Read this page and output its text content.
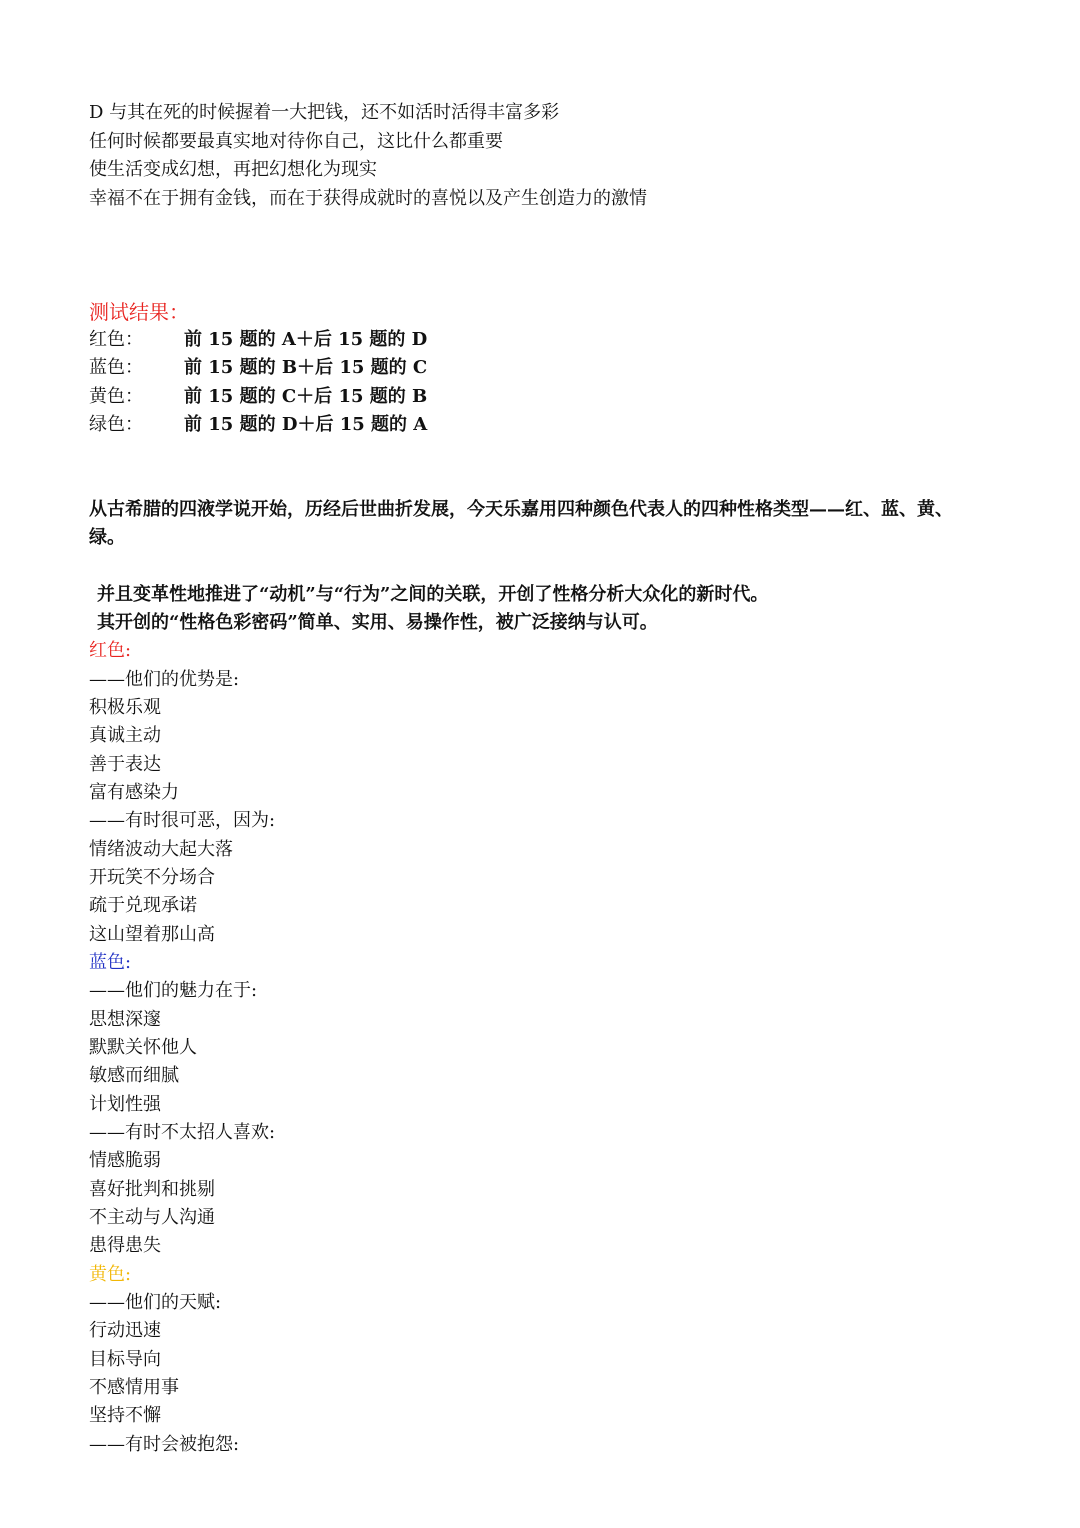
D 与其在死的时候握着一大把钱，还不如活时活得丰富多彩
任何时候都要最真实地对待你自己，这比什么都重要
使生活变成幻想，再把幻想化为现实
幸福不在于拥有金钱，而在于获得成就时的喜悦以及产生创造力的激情
测试结果：
红色： 前 15 题的 A＋后 15 题的 D
蓝色： 前 15 题的 B＋后 15 题的 C
黄色： 前 15 题的 C＋后 15 题的 B
绿色： 前 15 题的 D＋后 15 题的 A
从古希腊的四液学说开始，历经后世曲折发展，今天乐嘉用四种颜色代表人的四种性格类型——红、蓝、黄、
绿。
并且变革性地推进了“动机”与“行为”之间的关联，开创了性格分析大众化的新时代。
其开创的“性格色彩密码”简单、实用、易操作性，被广泛接纳与认可。
红色:
——他们的优势是:
积极乐观
真诚主动
善于表达
富有感染力
——有时很可恶，因为:
情绪波动大起大落
开玩笑不分场合
疏于兑现承诺
这山望着那山高
蓝色:
——他们的魅力在于:
思想深邃
默默关怀他人
敏感而细腻
计划性强
——有时不太招人喜欢:
情感脆弱
喜好批判和挑剔
不主动与人沟通
患得患失
黄色:
——他们的天赋:
行动迅速
目标导向
不感情用事
坚持不懈
——有时会被抱怨:
